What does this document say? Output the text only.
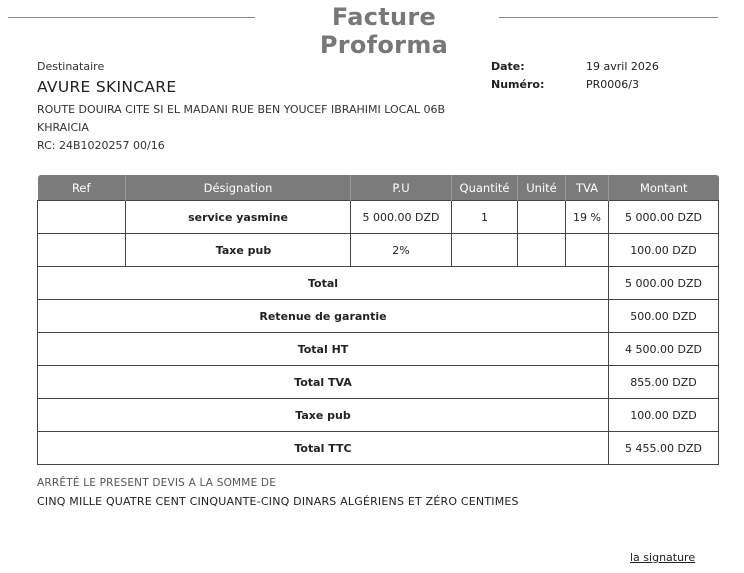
Facture Proforma
Destinataire
AVURE SKINCARE
ROUTE DOUIRA CITE SI EL MADANI RUE BEN YOUCEF IBRAHIMI LOCAL 06B
KHRAICIA
RC: 24B1020257 00/16
Date:	19 avril 2026
Numéro:	PR0006/3
Ref	Désignation	P.U	Quantité	Unité	TVA	Montant
	service yasmine	5 000.00 DZD	1		19 %	5 000.00 DZD
	Taxe pub	2%				100.00 DZD
Total						5 000.00 DZD
Retenue de garantie						500.00 DZD
Total HT						4 500.00 DZD
Total TVA						855.00 DZD
Taxe pub						100.00 DZD
Total TTC						5 455.00 DZD
ARRÊTÉ LE PRESENT DEVIS A LA SOMME DE
CINQ MILLE QUATRE CENT CINQUANTE-CINQ DINARS ALGÉRIENS ET ZÉRO CENTIMES
la signature
